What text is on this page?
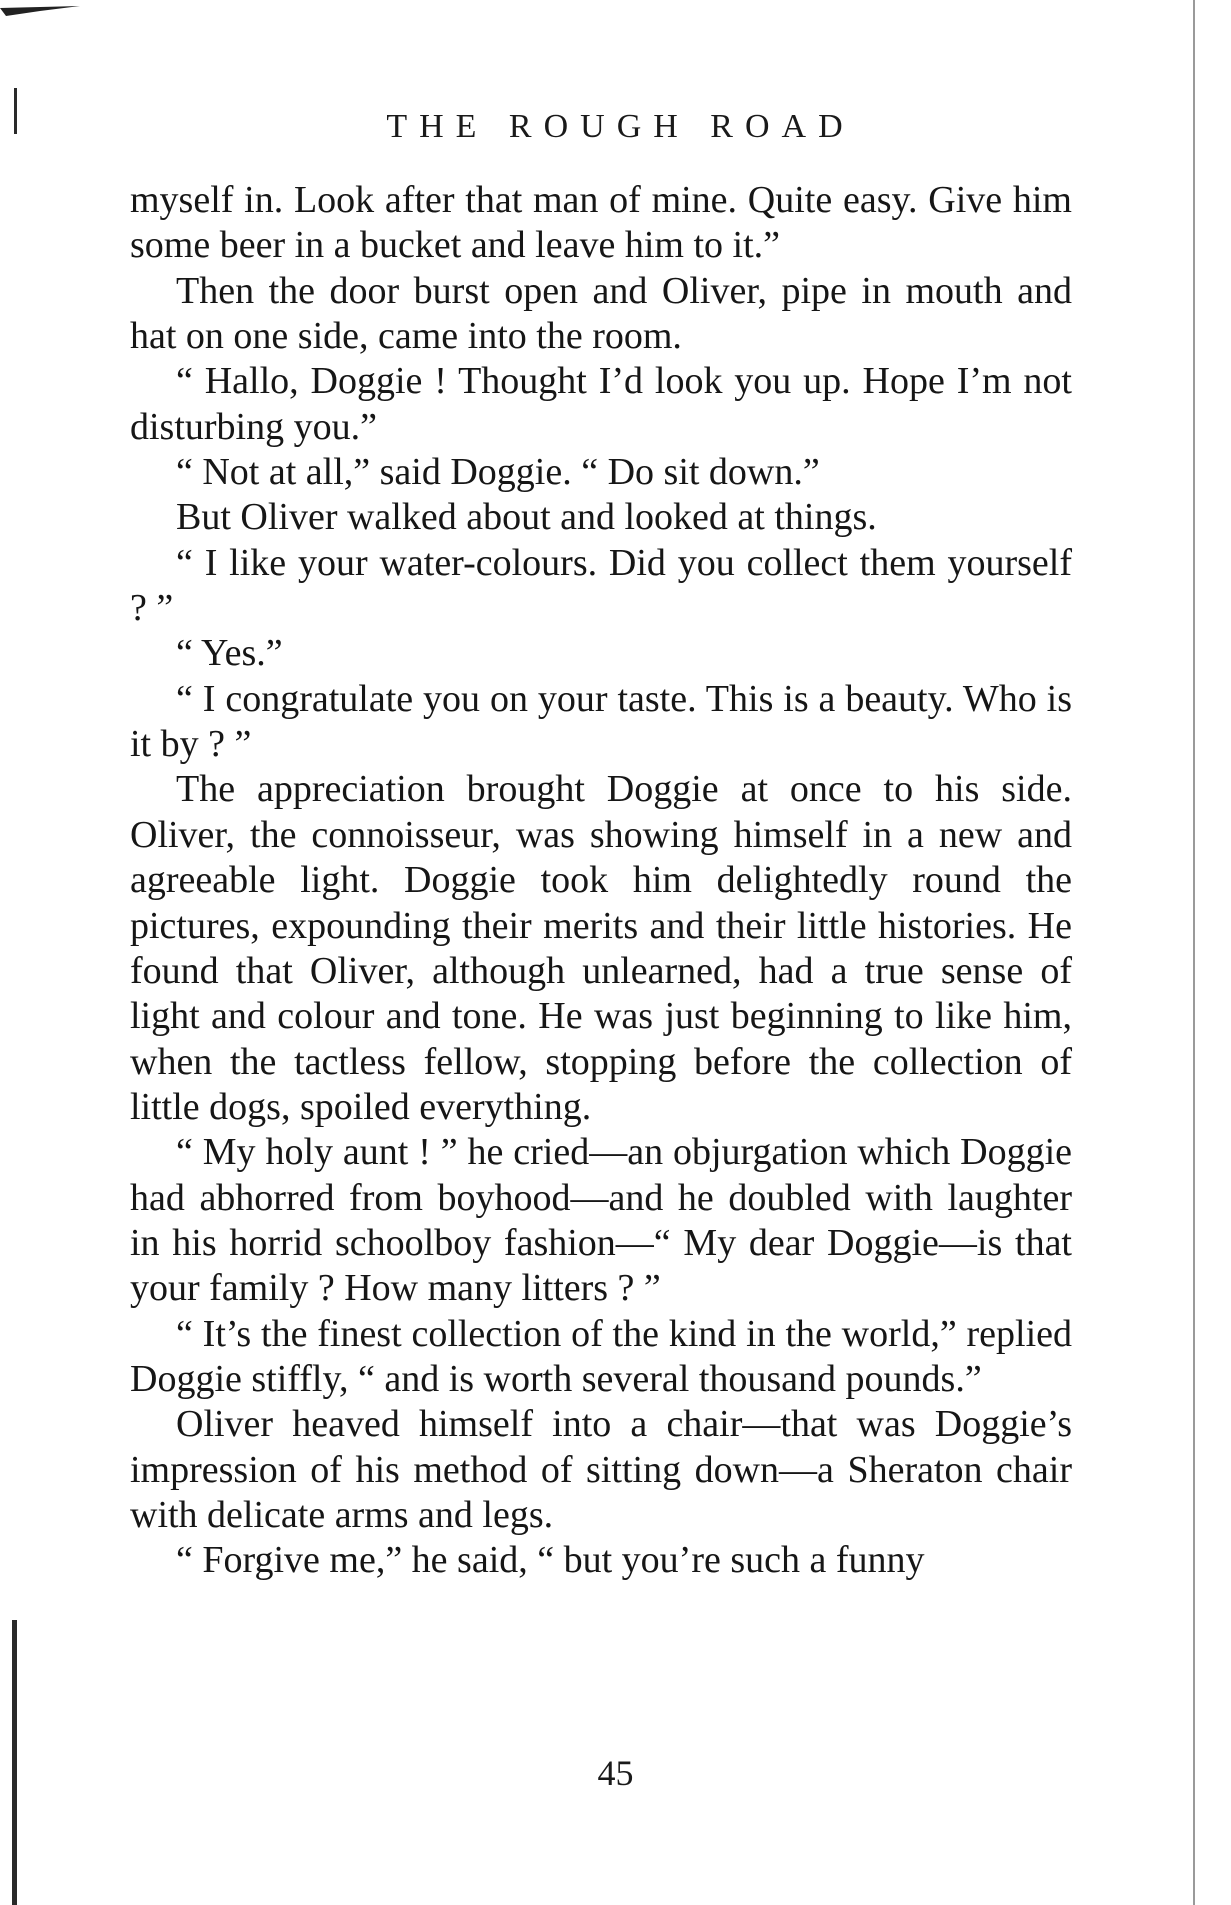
THE ROUGH ROAD

myself in. Look after that man of mine. Quite easy. Give him some beer in a bucket and leave him to it.”

Then the door burst open and Oliver, pipe in mouth and hat on one side, came into the room.

“ Hallo, Doggie ! Thought I’d look you up. Hope I’m not disturbing you.”

“ Not at all,” said Doggie. “ Do sit down.”

But Oliver walked about and looked at things.

“ I like your water-colours. Did you collect them yourself ? ”

“ Yes.”

“ I congratulate you on your taste. This is a beauty. Who is it by ? ”

The appreciation brought Doggie at once to his side. Oliver, the connoisseur, was showing himself in a new and agreeable light. Doggie took him delightedly round the pictures, expounding their merits and their little histories. He found that Oliver, although unlearned, had a true sense of light and colour and tone. He was just beginning to like him, when the tactless fellow, stopping before the collection of little dogs, spoiled everything.

“ My holy aunt ! ” he cried—an objurgation which Doggie had abhorred from boyhood—and he doubled with laughter in his horrid schoolboy fashion—“ My dear Doggie—is that your family ? How many litters ? ”

“ It’s the finest collection of the kind in the world,” replied Doggie stiffly, “ and is worth several thousand pounds.”

Oliver heaved himself into a chair—that was Doggie’s impression of his method of sitting down—a Sheraton chair with delicate arms and legs.

“ Forgive me,” he said, “ but you’re such a funny

45
